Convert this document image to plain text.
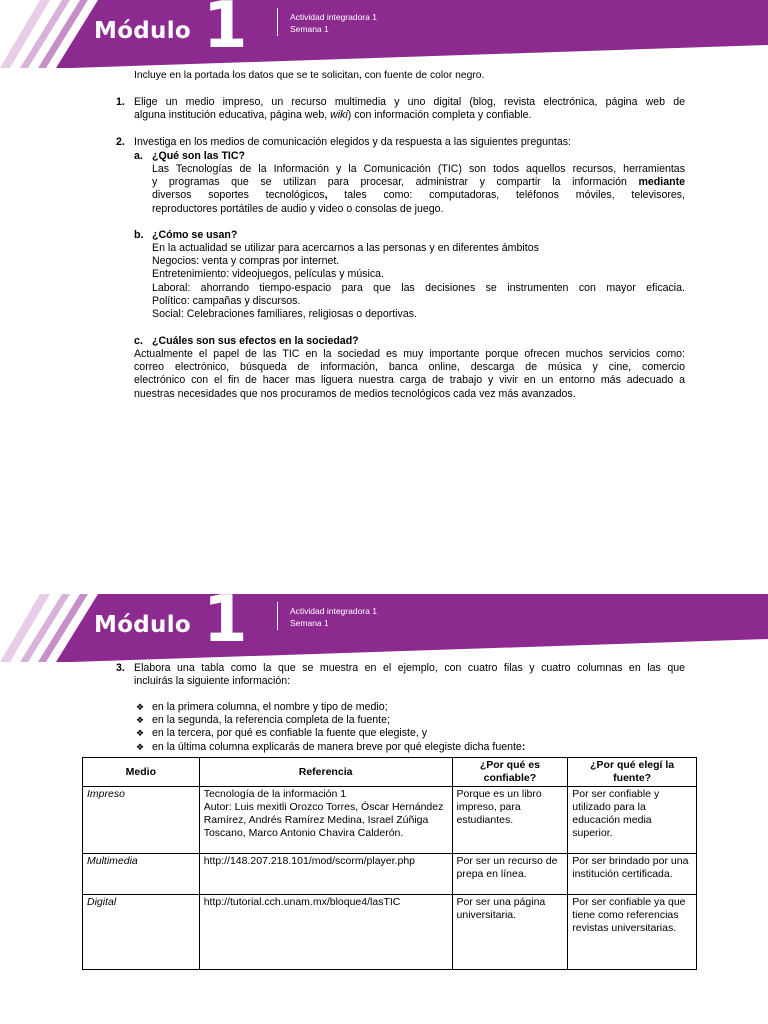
Módulo 1	Actividad integradora 1
Semana 1
Incluye en la portada los datos que se te solicitan, con fuente de color negro.
1. Elige un medio impreso, un recurso multimedia y uno digital (blog, revista electrónica, página web de
alguna institución educativa, página web, wiki) con información completa y confiable.
2. Investiga en los medios de comunicación elegidos y da respuesta a las siguientes preguntas:
a. ¿Qué son las TIC?
Las Tecnologías de la Información y la Comunicación (TIC) son todos aquellos recursos, herramientas
y programas que se utilizan para procesar, administrar y compartir la información mediante
diversos soportes tecnológicos, tales como: computadoras, teléfonos móviles, televisores,
reproductores portátiles de audio y video o consolas de juego.
b. ¿Cómo se usan?
En la actualidad se utilizar para acercarnos a las personas y en diferentes ámbitos
Negocios: venta y compras por internet.
Entretenimiento: videojuegos, películas y música.
Laboral: ahorrando tiempo-espacio para que las decisiones se instrumenten con mayor eficacia.
Político: campañas y discursos.
Social: Celebraciones familiares, religiosas o deportivas.
c. ¿Cuáles son sus efectos en la sociedad?
Actualmente el papel de las TIC en la sociedad es muy importante porque ofrecen muchos servicios como:
correo electrónico, búsqueda de información, banca online, descarga de música y cine, comercio
electrónico con el fin de hacer mas liguera nuestra carga de trabajo y vivir en un entorno más adecuado a
nuestras necesidades que nos procuramos de medios tecnológicos cada vez más avanzados.
Módulo 1	Actividad integradora 1
Semana 1
3. Elabora una tabla como la que se muestra en el ejemplo, con cuatro filas y cuatro columnas en las que
incluirás la siguiente información:
❖ en la primera columna, el nombre y tipo de medio;
❖ en la segunda, la referencia completa de la fuente;
❖ en la tercera, por qué es confiable la fuente que elegiste, y
❖ en la última columna explicarás de manera breve por qué elegiste dicha fuente:
Medio	Referencia	¿Por qué es confiable?	¿Por qué elegí la fuente?
Impreso	Tecnología de la información 1
Autor: Luis mexitli Orozco Torres, Óscar Hernández Ramírez, Andrés Ramírez Medina, Israel Zúñiga Toscano, Marco Antonio Chavira Calderón.	Porque es un libro impreso, para estudiantes.	Por ser confiable y utilizado para la educación media superior.
Multimedia	http://148.207.218.101/mod/scorm/player.php	Por ser un recurso de prepa en línea.	Por ser brindado por una institución certificada.
Digital	http://tutorial.cch.unam.mx/bloque4/lasTIC	Por ser una página universitaria.	Por ser confiable ya que tiene como referencias revistas universitarias.
